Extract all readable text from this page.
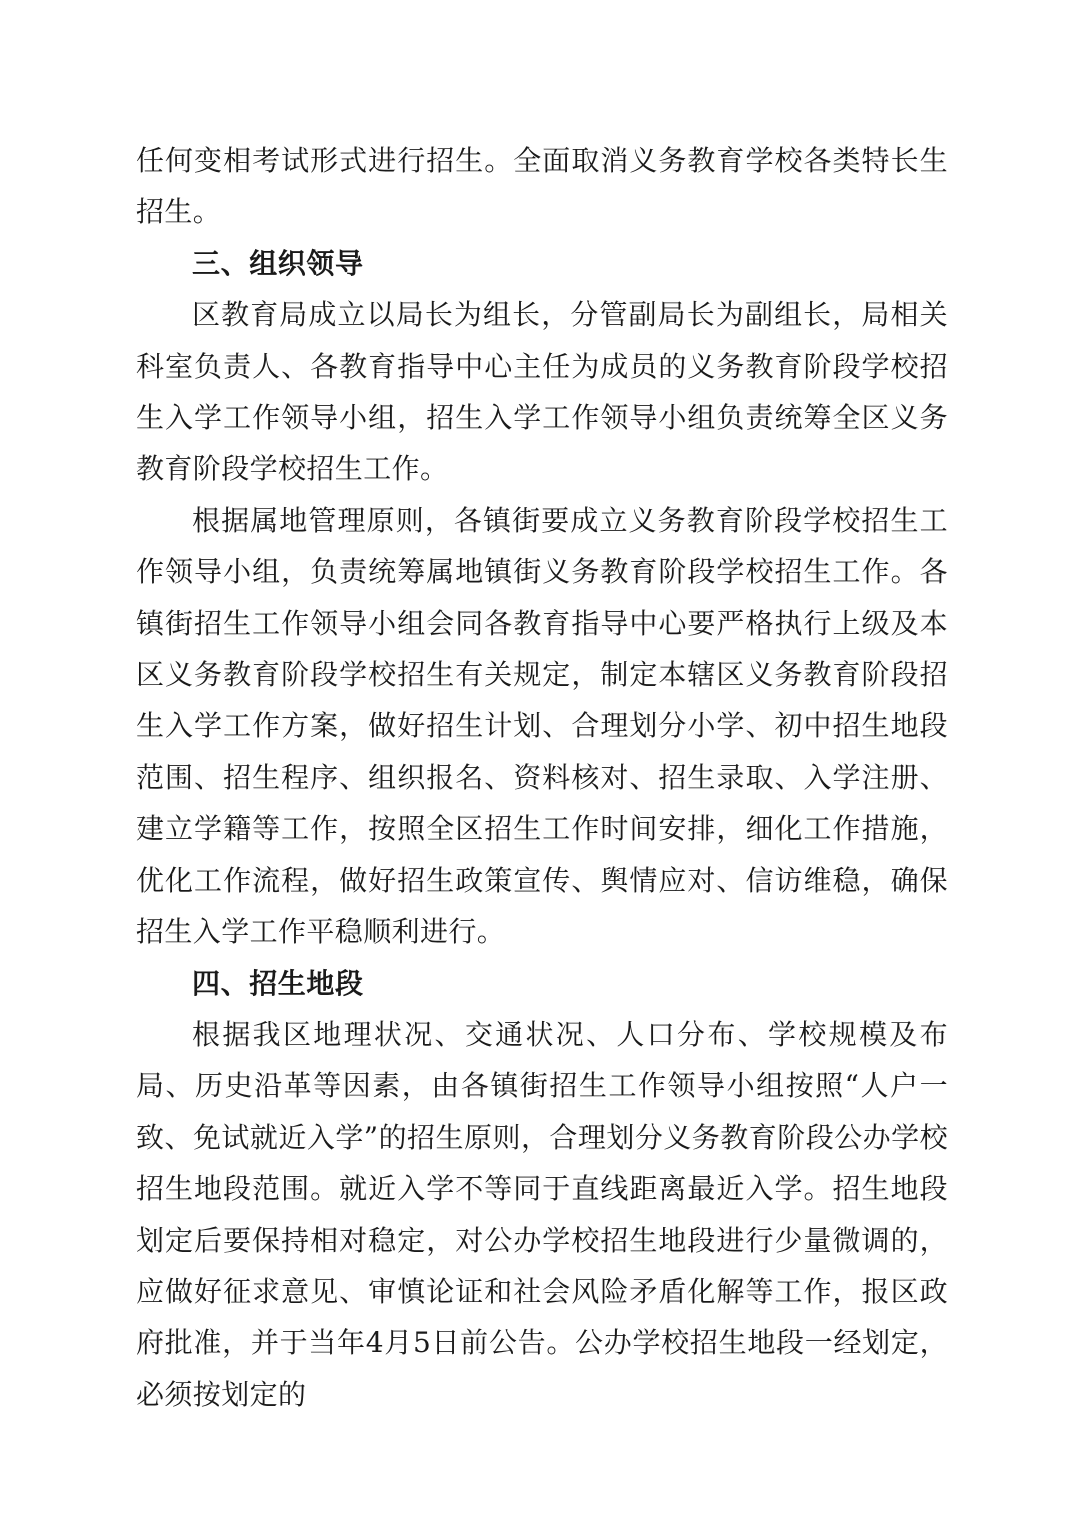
任何变相考试形式进行招生。全面取消义务教育学校各类特长生招生。

三、组织领导

区教育局成立以局长为组长，分管副局长为副组长，局相关科室负责人、各教育指导中心主任为成员的义务教育阶段学校招生入学工作领导小组，招生入学工作领导小组负责统筹全区义务教育阶段学校招生工作。

根据属地管理原则，各镇街要成立义务教育阶段学校招生工作领导小组，负责统筹属地镇街义务教育阶段学校招生工作。各镇街招生工作领导小组会同各教育指导中心要严格执行上级及本区义务教育阶段学校招生有关规定，制定本辖区义务教育阶段招生入学工作方案，做好招生计划、合理划分小学、初中招生地段范围、招生程序、组织报名、资料核对、招生录取、入学注册、建立学籍等工作，按照全区招生工作时间安排，细化工作措施，优化工作流程，做好招生政策宣传、舆情应对、信访维稳，确保招生入学工作平稳顺利进行。

四、招生地段

根据我区地理状况、交通状况、人口分布、学校规模及布局、历史沿革等因素，由各镇街招生工作领导小组按照“人户一致、免试就近入学”的招生原则，合理划分义务教育阶段公办学校招生地段范围。就近入学不等同于直线距离最近入学。招生地段划定后要保持相对稳定，对公办学校招生地段进行少量微调的，应做好征求意见、审慎论证和社会风险矛盾化解等工作，报区政府批准，并于当年4月5日前公告。公办学校招生地段一经划定，必须按划定的
